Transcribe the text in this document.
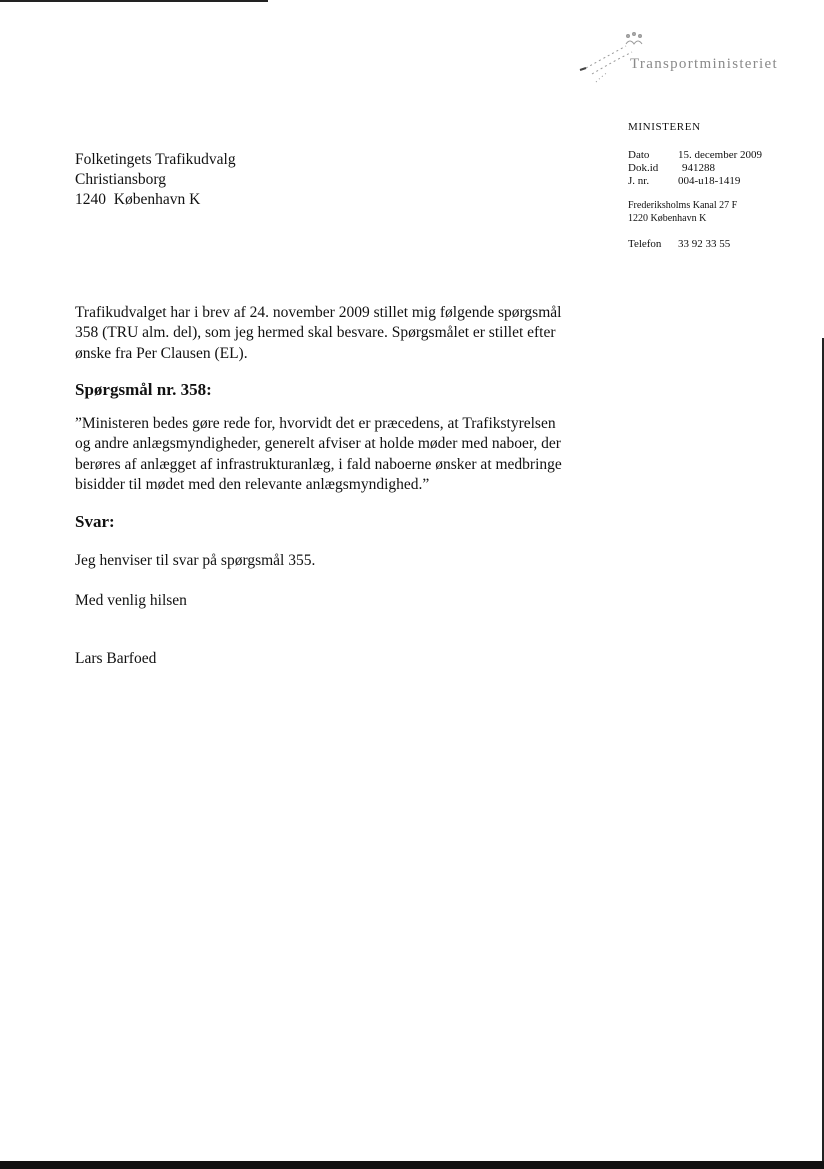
Transportministeriet
MINISTEREN
Dato	15. december 2009
Dok.id 941288
J. nr.	004-u18-1419
Frederiksholms Kanal 27 F
1220 København K
Telefon 33 92 33 55
Folketingets Trafikudvalg
Christiansborg
1240  København K
Trafikudvalget har i brev af 24. november 2009 stillet mig følgende spørgsmål
358 (TRU alm. del), som jeg hermed skal besvare. Spørgsmålet er stillet efter
ønske fra Per Clausen (EL).
Spørgsmål nr. 358:
”Ministeren bedes gøre rede for, hvorvidt det er præcedens, at Trafikstyrelsen
og andre anlægsmyndigheder, generelt afviser at holde møder med naboer, der
berøres af anlægget af infrastrukturanlæg, i fald naboerne ønsker at medbringe
bisidder til mødet med den relevante anlægsmyndighed.”
Svar:
Jeg henviser til svar på spørgsmål 355.
Med venlig hilsen
Lars Barfoed
